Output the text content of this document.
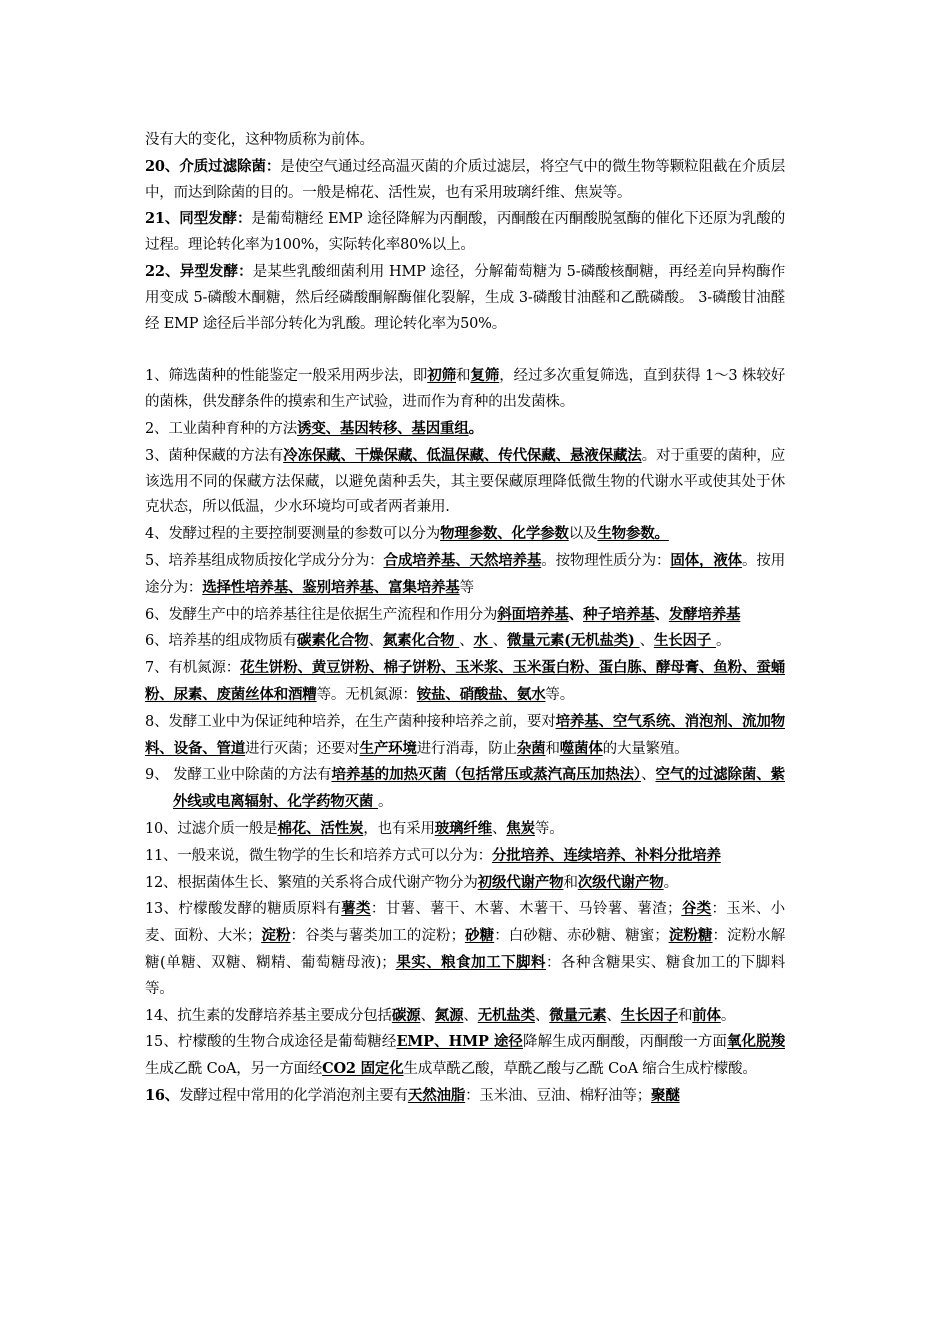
没有大的变化，这种物质称为前体。

20、介质过滤除菌：是使空气通过经高温灭菌的介质过滤层，将空气中的微生物等颗粒阻截在介质层中，而达到除菌的目的。一般是棉花、活性炭，也有采用玻璃纤维、焦炭等。

21、同型发酵：是葡萄糖经 EMP 途径降解为丙酮酸，丙酮酸在丙酮酸脱氢酶的催化下还原为乳酸的过程。理论转化率为100%，实际转化率80%以上。

22、异型发酵：是某些乳酸细菌利用 HMP 途径，分解葡萄糖为 5-磷酸核酮糖，再经差向异构酶作用变成 5-磷酸木酮糖，然后经磷酸酮解酶催化裂解，生成 3-磷酸甘油醛和乙酰磷酸。 3-磷酸甘油醛经 EMP 途径后半部分转化为乳酸。理论转化率为50%。

1、筛选菌种的性能鉴定一般采用两步法，即初筛和复筛，经过多次重复筛选，直到获得 1～3 株较好的菌株，供发酵条件的摸索和生产试验，进而作为育种的出发菌株。

2、工业菌种育种的方法诱变、基因转移、基因重组。

3、菌种保藏的方法有冷冻保藏、干燥保藏、低温保藏、传代保藏、悬液保藏法。对于重要的菌种，应该选用不同的保藏方法保藏，以避免菌种丢失，其主要保藏原理降低微生物的代谢水平或使其处于休克状态，所以低温，少水环境均可或者两者兼用.

4、发酵过程的主要控制要测量的参数可以分为物理参数、化学参数以及生物参数。

5、培养基组成物质按化学成分分为：合成培养基、天然培养基。按物理性质分为：固体，液体。按用途分为：选择性培养基、鉴别培养基、富集培养基等

6、发酵生产中的培养基往往是依据生产流程和作用分为斜面培养基、种子培养基、发酵培养基

6、培养基的组成物质有碳素化合物、氮素化合物 、水 、微量元素(无机盐类) 、生长因子 。

7、有机氮源：花生饼粉、黄豆饼粉、棉子饼粉、玉米浆、玉米蛋白粉、蛋白胨、酵母膏、鱼粉、蚕蛹粉、尿素、废菌丝体和酒糟等。无机氮源：铵盐、硝酸盐、氨水等。

8、发酵工业中为保证纯种培养，在生产菌种接种培养之前，要对培养基、空气系统、消泡剂、流加物料、设备、管道进行灭菌；还要对生产环境进行消毒，防止杂菌和噬菌体的大量繁殖。

9、 发酵工业中除菌的方法有培养基的加热灭菌（包括常压或蒸汽高压加热法）、空气的过滤除菌、紫外线或电离辐射、化学药物灭菌 。

10、过滤介质一般是棉花、活性炭，也有采用玻璃纤维、焦炭等。

11、一般来说，微生物学的生长和培养方式可以分为：分批培养、连续培养、补料分批培养

12、根据菌体生长、繁殖的关系将合成代谢产物分为初级代谢产物和次级代谢产物。

13、柠檬酸发酵的糖质原料有薯类：甘薯、薯干、木薯、木薯干、马铃薯、薯渣；谷类：玉米、小麦、面粉、大米；淀粉：谷类与薯类加工的淀粉；砂糖：白砂糖、赤砂糖、糖蜜；淀粉糖：淀粉水解糖(单糖、双糖、糊精、葡萄糖母液)；果实、粮食加工下脚料：各种含糖果实、糖食加工的下脚料等。

14、抗生素的发酵培养基主要成分包括碳源、氮源、无机盐类、微量元素、生长因子和前体。

15、柠檬酸的生物合成途径是葡萄糖经EMP、HMP 途径降解生成丙酮酸，丙酮酸一方面氧化脱羧生成乙酰 CoA，另一方面经CO2 固定化生成草酰乙酸，草酰乙酸与乙酰 CoA 缩合生成柠檬酸。

16、发酵过程中常用的化学消泡剂主要有天然油脂：玉米油、豆油、棉籽油等；聚醚
